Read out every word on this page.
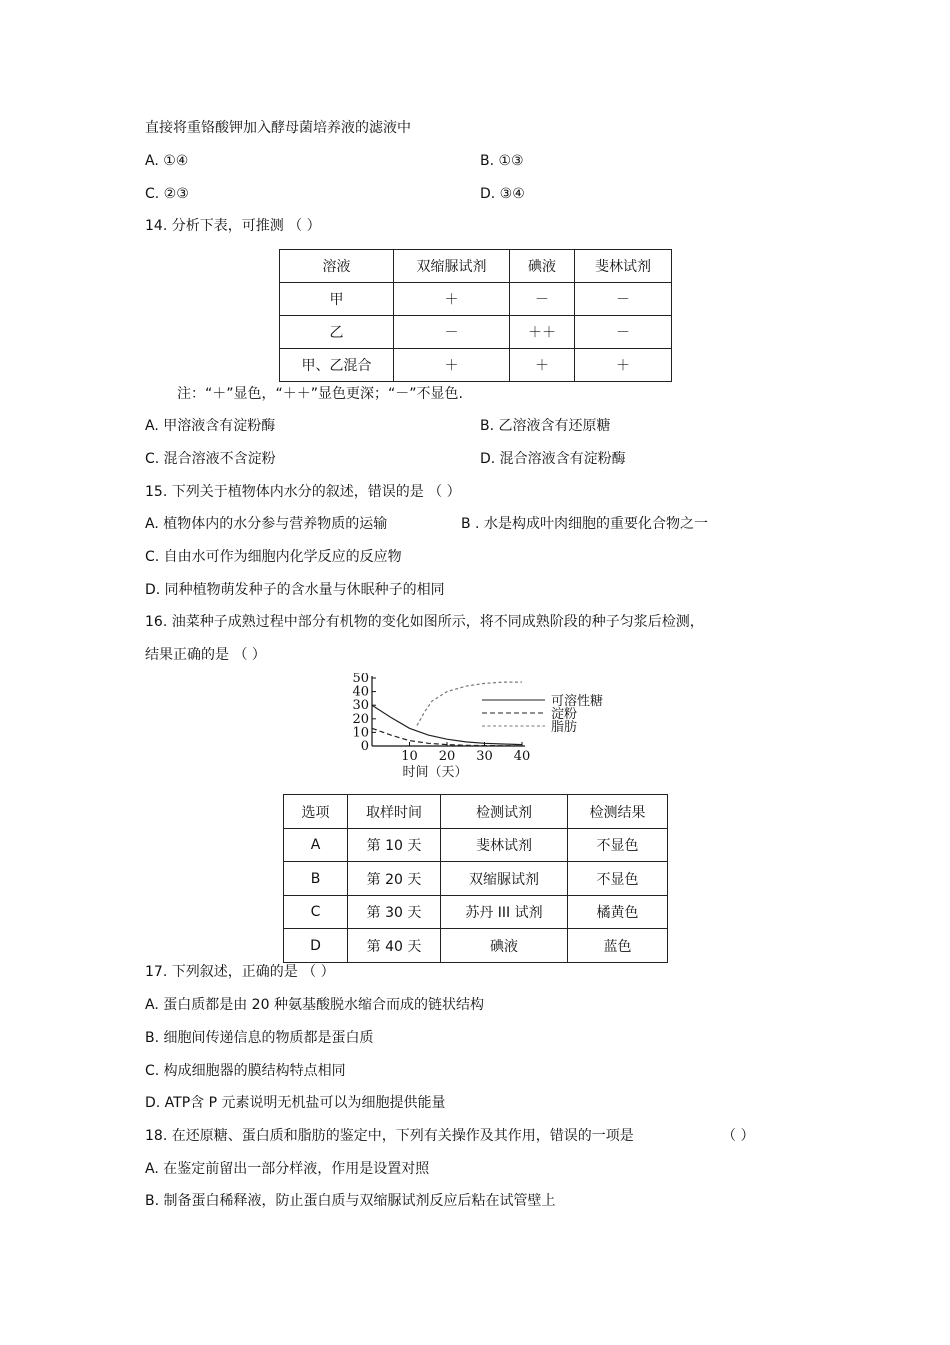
直接将重铬酸钾加入酵母菌培养液的滤液中
A. ①④	B. ①③
C. ②③	D. ③④
14. 分析下表，可推测 （ ）
溶液	双缩脲试剂	碘液	斐林试剂
甲	＋	－	－
乙	－	＋＋	－
甲、乙混合	＋	＋	＋
注：“＋”显色，“＋＋”显色更深；“－”不显色.
A. 甲溶液含有淀粉酶	B. 乙溶液含有还原糖
C. 混合溶液不含淀粉	D. 混合溶液含有淀粉酶
15. 下列关于植物体内水分的叙述，错误的是 （ ）
A. 植物体内的水分参与营养物质的运输	B . 水是构成叶肉细胞的重要化合物之一
C. 自由水可作为细胞内化学反应的反应物
D. 同种植物萌发种子的含水量与休眠种子的相同
16. 油菜种子成熟过程中部分有机物的变化如图所示，将不同成熟阶段的种子匀浆后检测，
结果正确的是 （ ）
0
10
20
30
40
50
10 20 30 40
可溶性糖
淀粉
脂肪
时间（天）
选项	取样时间	检测试剂	检测结果
A	第 10 天	斐林试剂	不显色
B	第 20 天	双缩脲试剂	不显色
C	第 30 天	苏丹 III 试剂	橘黄色
D	第 40 天	碘液	蓝色
17. 下列叙述，正确的是 （ ）
A. 蛋白质都是由 20 种氨基酸脱水缩合而成的链状结构
B. 细胞间传递信息的物质都是蛋白质
C. 构成细胞器的膜结构特点相同
D. ATP含 P 元素说明无机盐可以为细胞提供能量
18. 在还原糖、蛋白质和脂肪的鉴定中，下列有关操作及其作用，错误的一项是	（ ）
A. 在鉴定前留出一部分样液，作用是设置对照
B. 制备蛋白稀释液，防止蛋白质与双缩脲试剂反应后粘在试管壁上
